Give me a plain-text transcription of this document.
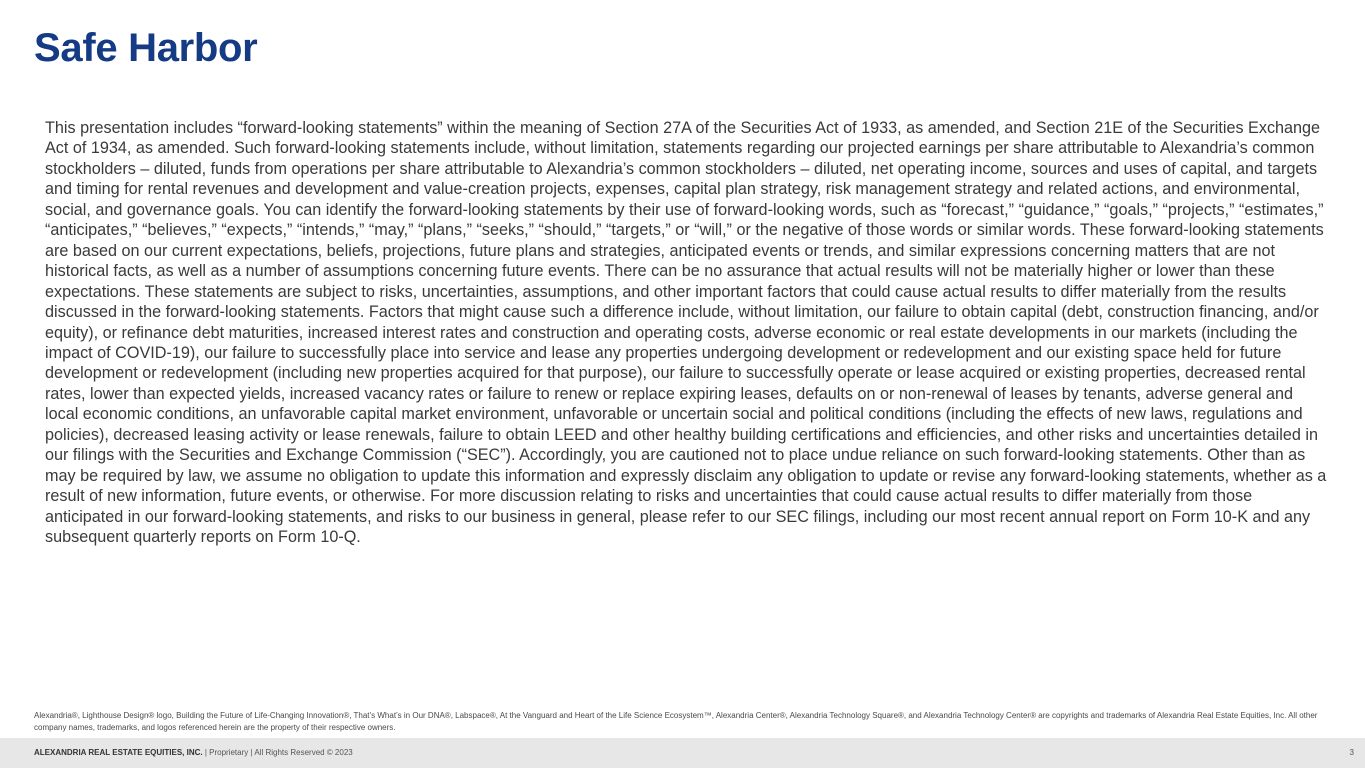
Safe Harbor

This presentation includes “forward-looking statements” within the meaning of Section 27A of the Securities Act of 1933, as amended, and Section 21E of the Securities Exchange Act of 1934, as amended. Such forward-looking statements include, without limitation, statements regarding our projected earnings per share attributable to Alexandria’s common stockholders – diluted, funds from operations per share attributable to Alexandria’s common stockholders – diluted, net operating income, sources and uses of capital, and targets and timing for rental revenues and development and value-creation projects, expenses, capital plan strategy, risk management strategy and related actions, and environmental, social, and governance goals. You can identify the forward-looking statements by their use of forward-looking words, such as “forecast,” “guidance,” “goals,” “projects,” “estimates,” “anticipates,” “believes,” “expects,” “intends,” “may,” “plans,” “seeks,” “should,” “targets,” or “will,” or the negative of those words or similar words. These forward-looking statements are based on our current expectations, beliefs, projections, future plans and strategies, anticipated events or trends, and similar expressions concerning matters that are not historical facts, as well as a number of assumptions concerning future events. There can be no assurance that actual results will not be materially higher or lower than these expectations. These statements are subject to risks, uncertainties, assumptions, and other important factors that could cause actual results to differ materially from the results discussed in the forward-looking statements. Factors that might cause such a difference include, without limitation, our failure to obtain capital (debt, construction financing, and/or equity), or refinance debt maturities, increased interest rates and construction and operating costs, adverse economic or real estate developments in our markets (including the impact of COVID-19), our failure to successfully place into service and lease any properties undergoing development or redevelopment and our existing space held for future development or redevelopment (including new properties acquired for that purpose), our failure to successfully operate or lease acquired or existing properties, decreased rental rates, lower than expected yields, increased vacancy rates or failure to renew or replace expiring leases, defaults on or non-renewal of leases by tenants, adverse general and local economic conditions, an unfavorable capital market environment, unfavorable or uncertain social and political conditions (including the effects of new laws, regulations and policies), decreased leasing activity or lease renewals, failure to obtain LEED and other healthy building certifications and efficiencies, and other risks and uncertainties detailed in our filings with the Securities and Exchange Commission (“SEC”). Accordingly, you are cautioned not to place undue reliance on such forward-looking statements. Other than as may be required by law, we assume no obligation to update this information and expressly disclaim any obligation to update or revise any forward-looking statements, whether as a result of new information, future events, or otherwise. For more discussion relating to risks and uncertainties that could cause actual results to differ materially from those anticipated in our forward-looking statements, and risks to our business in general, please refer to our SEC filings, including our most recent annual report on Form 10-K and any subsequent quarterly reports on Form 10-Q.

Alexandria®, Lighthouse Design® logo, Building the Future of Life-Changing Innovation®, That’s What’s in Our DNA®, Labspace®, At the Vanguard and Heart of the Life Science Ecosystem™, Alexandria Center®, Alexandria Technology Square®, and Alexandria Technology Center® are copyrights and trademarks of Alexandria Real Estate Equities, Inc. All other company names, trademarks, and logos referenced herein are the property of their respective owners.

ALEXANDRIA REAL ESTATE EQUITIES, INC. | Proprietary | All Rights Reserved © 2023	3
